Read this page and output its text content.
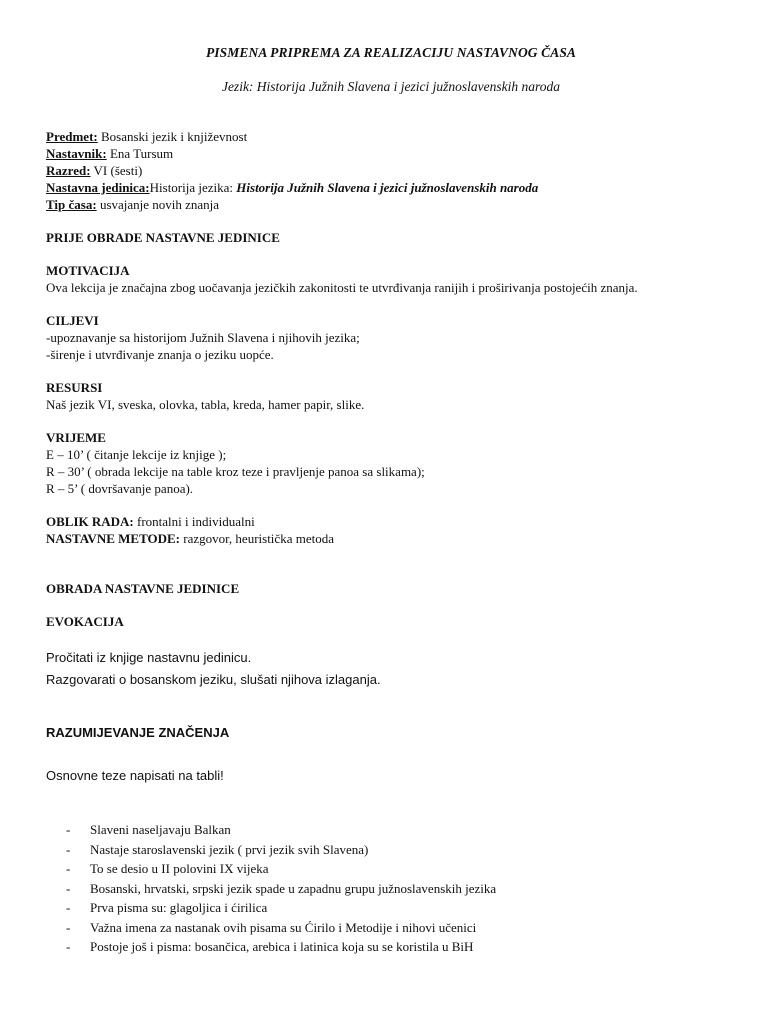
PISMENA PRIPREMA ZA REALIZACIJU NASTAVNOG ČASA

Jezik: Historija Južnih Slavena i jezici južnoslavenskih naroda

Predmet: Bosanski jezik i književnost

Nastavnik: Ena Tursum

Razred: VI (šesti)

Nastavna jedinica:Historija jezika: Historija Južnih Slavena i jezici južnoslavenskih naroda

Tip časa: usvajanje novih znanja

PRIJE OBRADE NASTAVNE JEDINICE

MOTIVACIJA

Ova lekcija je značajna zbog uočavanja jezičkih zakonitosti te utvrđivanja ranijih i proširivanja postojećih znanja.

CILJEVI

-upoznavanje sa historijom Južnih Slavena i njihovih jezika;

-širenje i utvrđivanje znanja o jeziku uopće.

RESURSI

Naš jezik VI, sveska, olovka, tabla, kreda, hamer papir, slike.

VRIJEME

E – 10’ ( čitanje lekcije iz knjige );

R – 30’ ( obrada lekcije na table kroz teze i pravljenje panoa sa slikama);

R – 5’ ( dovršavanje panoa).

OBLIK RADA: frontalni i individualni

NASTAVNE METODE: razgovor, heuristička metoda

OBRADA NASTAVNE JEDINICE

EVOKACIJA

Pročitati iz knjige nastavnu jedinicu.

Razgovarati o bosanskom jeziku, slušati njihova izlaganja.

RAZUMIJEVANJE ZNAČENJA

Osnovne teze napisati na tabli!

- Slaveni naseljavaju Balkan
- Nastaje staroslavenski jezik ( prvi jezik svih Slavena)
- To se desio u II polovini IX vijeka
- Bosanski, hrvatski, srpski jezik spade u zapadnu grupu južnoslavenskih jezika
- Prva pisma su: glagoljica i ćirilica
- Važna imena za nastanak ovih pisama su Ćirilo i Metodije i nihovi učenici
- Postoje još i pisma: bosančica, arebica i latinica koja su se koristila u BiH
